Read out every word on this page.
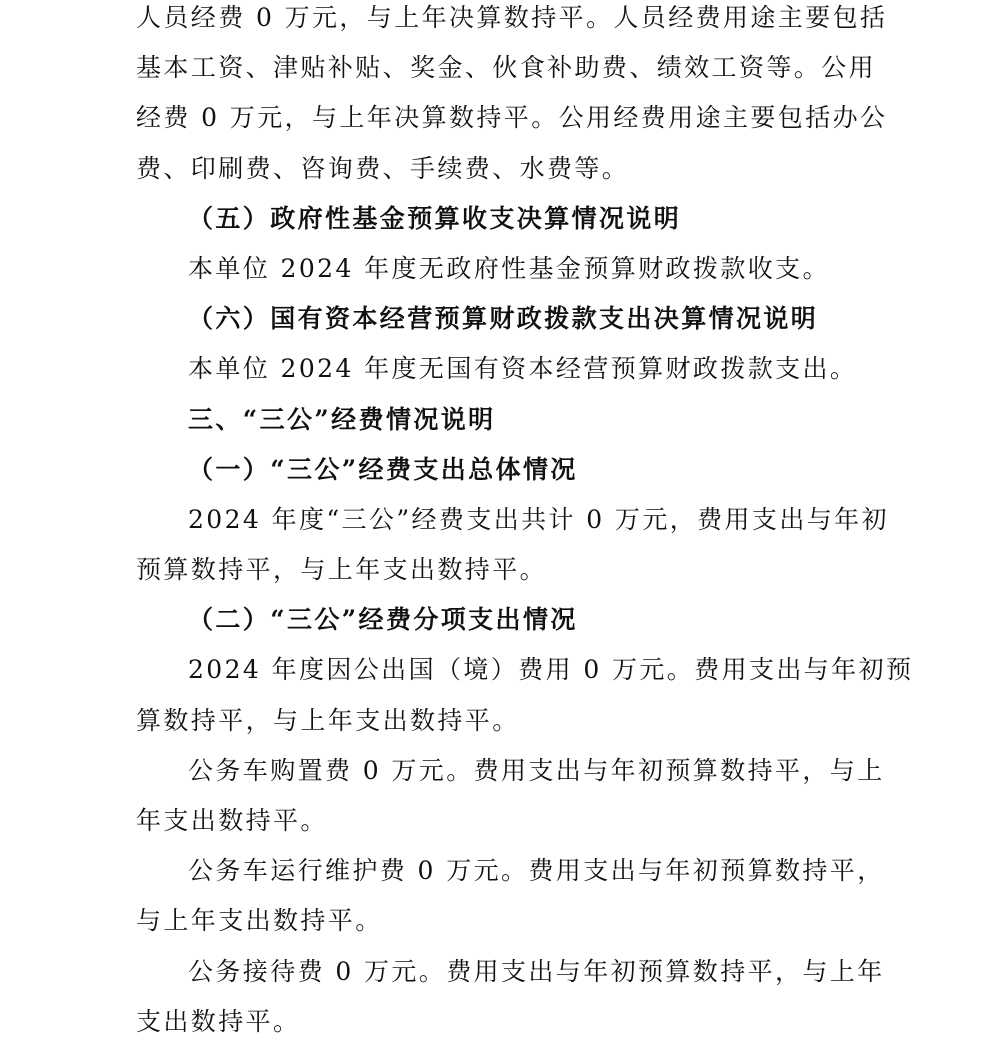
人员经费 0 万元，与上年决算数持平。人员经费用途主要包括

基本工资、津贴补贴、奖金、伙食补助费、绩效工资等。公用

经费 0 万元，与上年决算数持平。公用经费用途主要包括办公

费、印刷费、咨询费、手续费、水费等。

（五）政府性基金预算收支决算情况说明

本单位 2024 年度无政府性基金预算财政拨款收支。

（六）国有资本经营预算财政拨款支出决算情况说明

本单位 2024 年度无国有资本经营预算财政拨款支出。

三、“三公”经费情况说明

（一）“三公”经费支出总体情况

2024 年度“三公”经费支出共计 0 万元，费用支出与年初

预算数持平，与上年支出数持平。

（二）“三公”经费分项支出情况

2024 年度因公出国（境）费用 0 万元。费用支出与年初预

算数持平，与上年支出数持平。

公务车购置费 0 万元。费用支出与年初预算数持平，与上

年支出数持平。

公务车运行维护费 0 万元。费用支出与年初预算数持平，

与上年支出数持平。

公务接待费 0 万元。费用支出与年初预算数持平，与上年

支出数持平。
